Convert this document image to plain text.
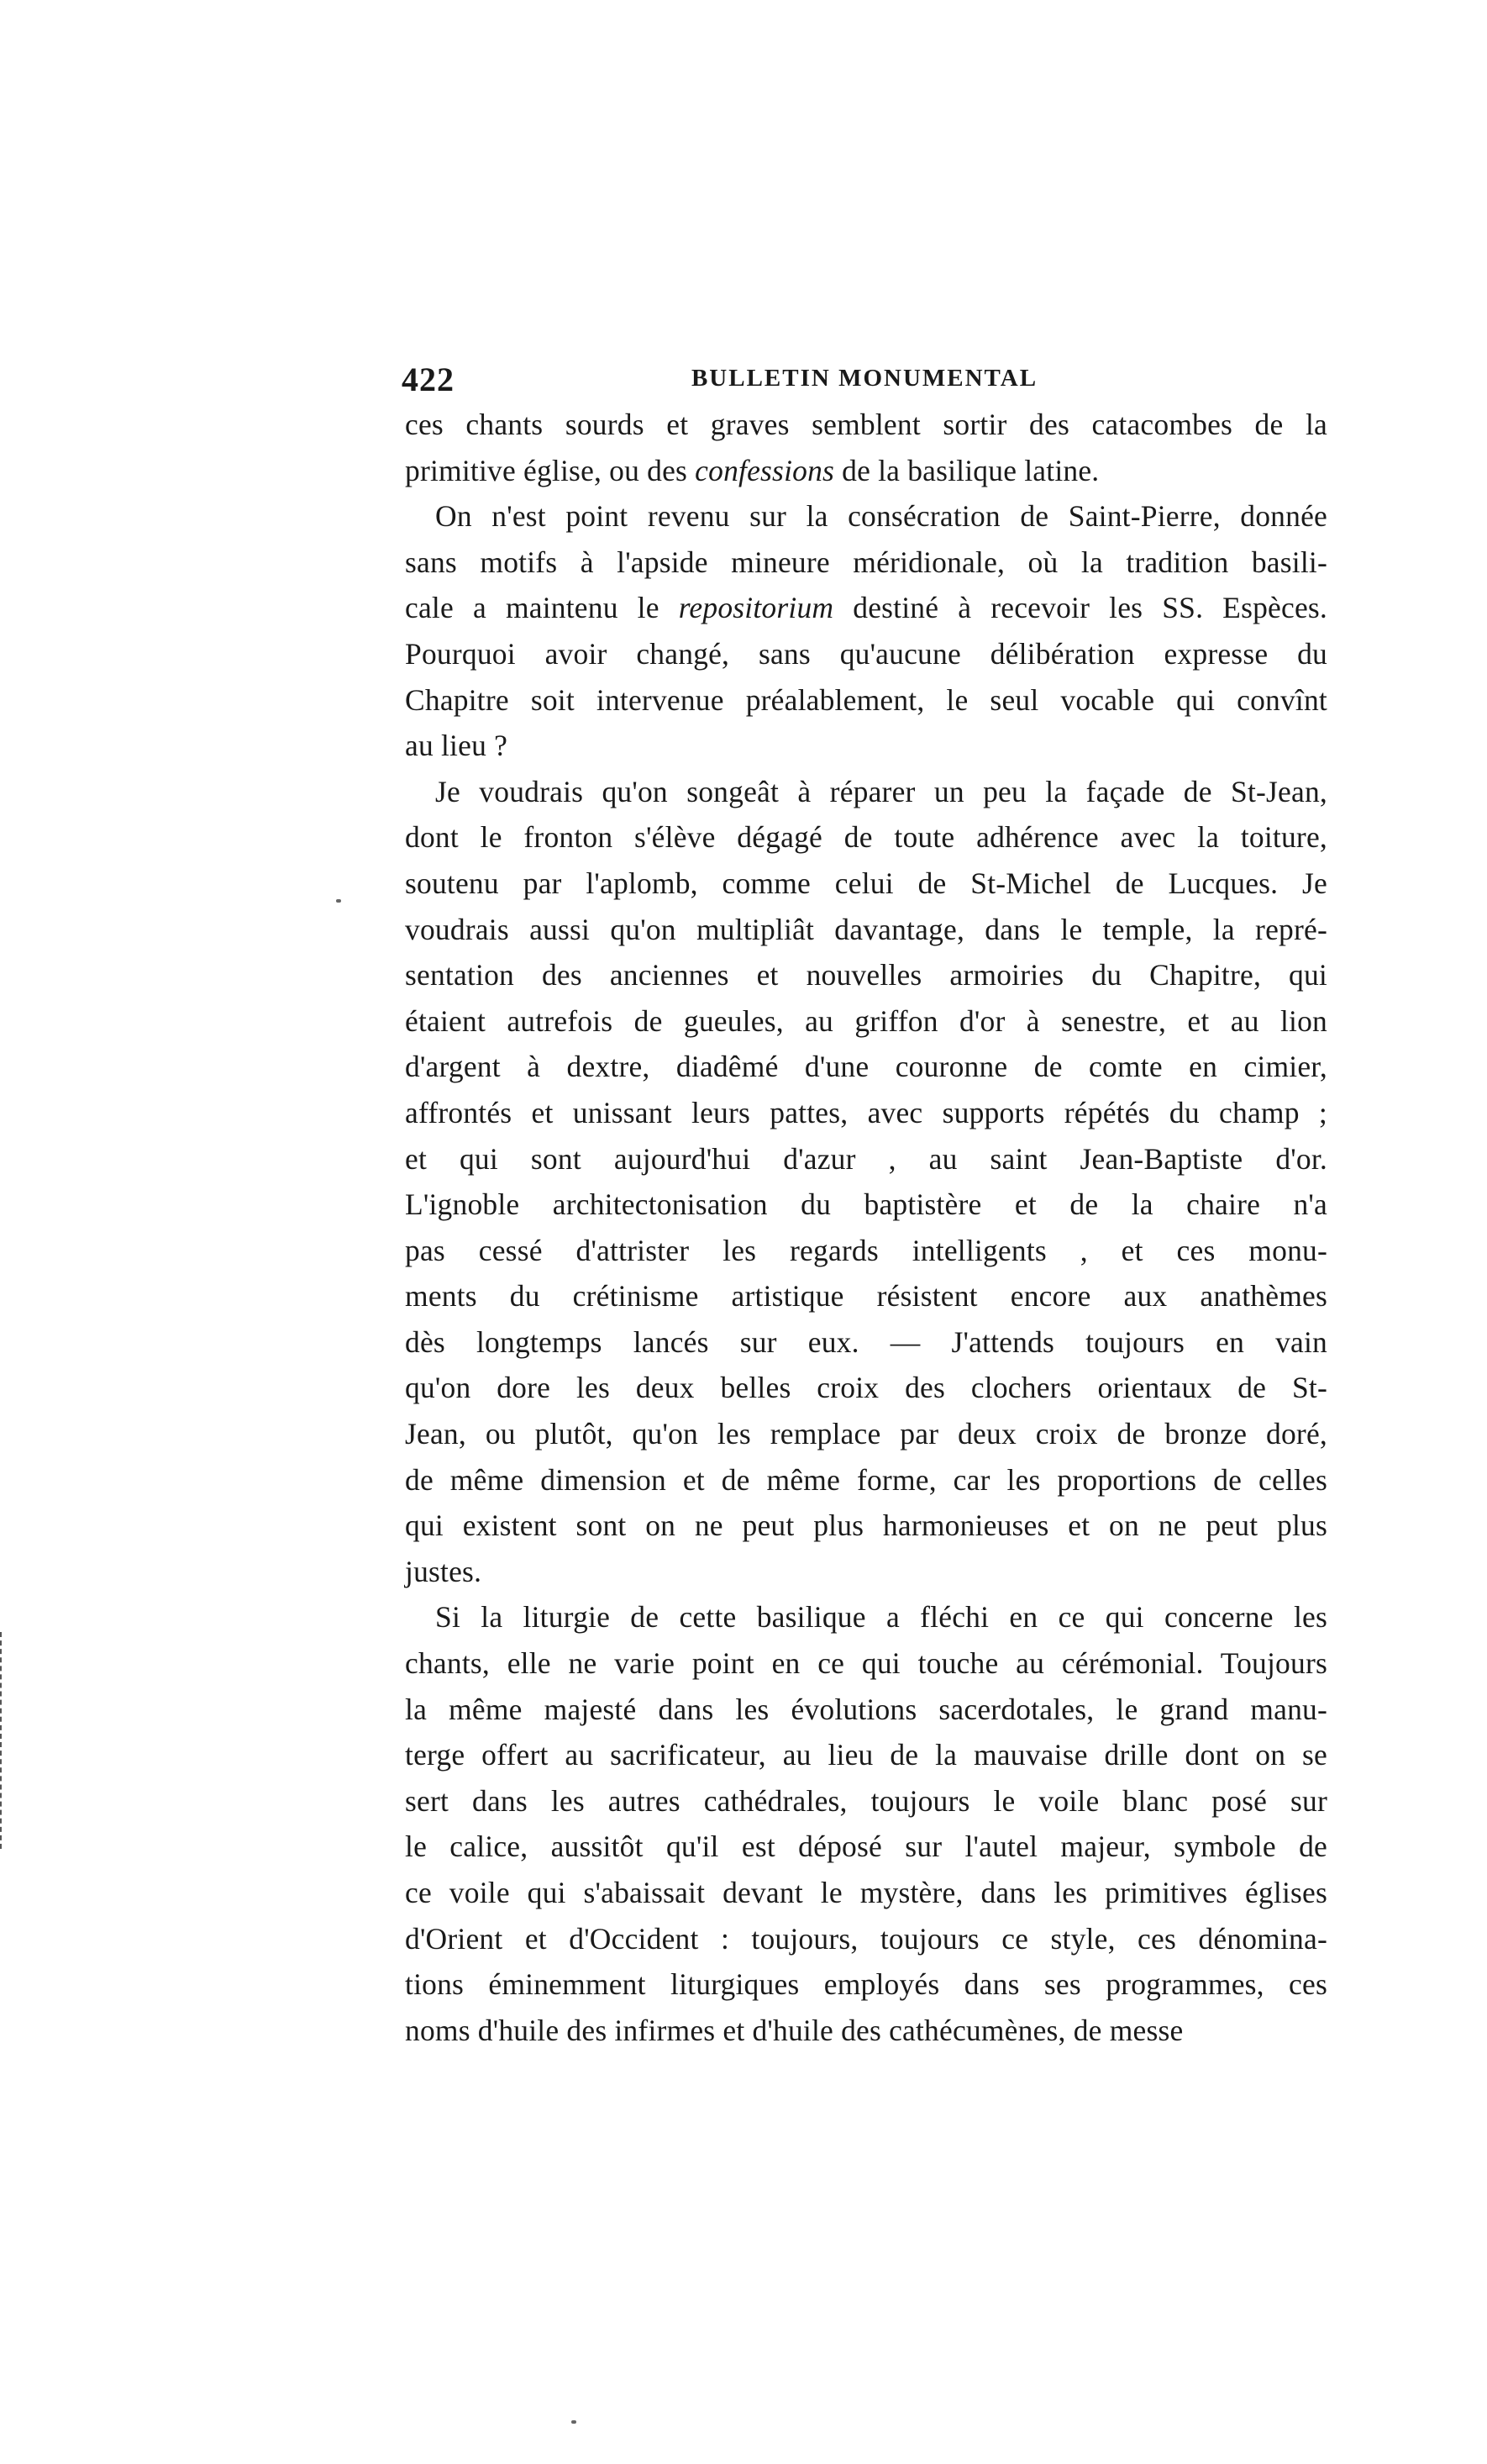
422	BULLETIN MONUMENTAL

ces chants sourds et graves semblent sortir des catacombes de la
primitive église, ou des confessions de la basilique latine.

On n'est point revenu sur la consécration de Saint-Pierre, donnée
sans motifs à l'apside mineure méridionale, où la tradition basili-
cale a maintenu le repositorium destiné à recevoir les SS. Espèces.
Pourquoi avoir changé, sans qu'aucune délibération expresse du
Chapitre soit intervenue préalablement, le seul vocable qui convînt
au lieu ?

Je voudrais qu'on songeât à réparer un peu la façade de St-Jean,
dont le fronton s'élève dégagé de toute adhérence avec la toiture,
soutenu par l'aplomb, comme celui de St-Michel de Lucques. Je
voudrais aussi qu'on multipliât davantage, dans le temple, la repré-
sentation des anciennes et nouvelles armoiries du Chapitre, qui
étaient autrefois de gueules, au griffon d'or à senestre, et au lion
d'argent à dextre, diadêmé d'une couronne de comte en cimier,
affrontés et unissant leurs pattes, avec supports répétés du champ ;
et qui sont aujourd'hui d'azur , au saint Jean-Baptiste d'or.
L'ignoble architectonisation du baptistère et de la chaire n'a
pas cessé d'attrister les regards intelligents , et ces monu-
ments du crétinisme artistique résistent encore aux anathèmes
dès longtemps lancés sur eux. — J'attends toujours en vain
qu'on dore les deux belles croix des clochers orientaux de St-
Jean, ou plutôt, qu'on les remplace par deux croix de bronze doré,
de même dimension et de même forme, car les proportions de celles
qui existent sont on ne peut plus harmonieuses et on ne peut plus
justes.

Si la liturgie de cette basilique a fléchi en ce qui concerne les
chants, elle ne varie point en ce qui touche au cérémonial. Toujours
la même majesté dans les évolutions sacerdotales, le grand manu-
terge offert au sacrificateur, au lieu de la mauvaise drille dont on se
sert dans les autres cathédrales, toujours le voile blanc posé sur
le calice, aussitôt qu'il est déposé sur l'autel majeur, symbole de
ce voile qui s'abaissait devant le mystère, dans les primitives églises
d'Orient et d'Occident : toujours, toujours ce style, ces dénomina-
tions éminemment liturgiques employés dans ses programmes, ces
noms d'huile des infirmes et d'huile des cathécumènes, de messe
